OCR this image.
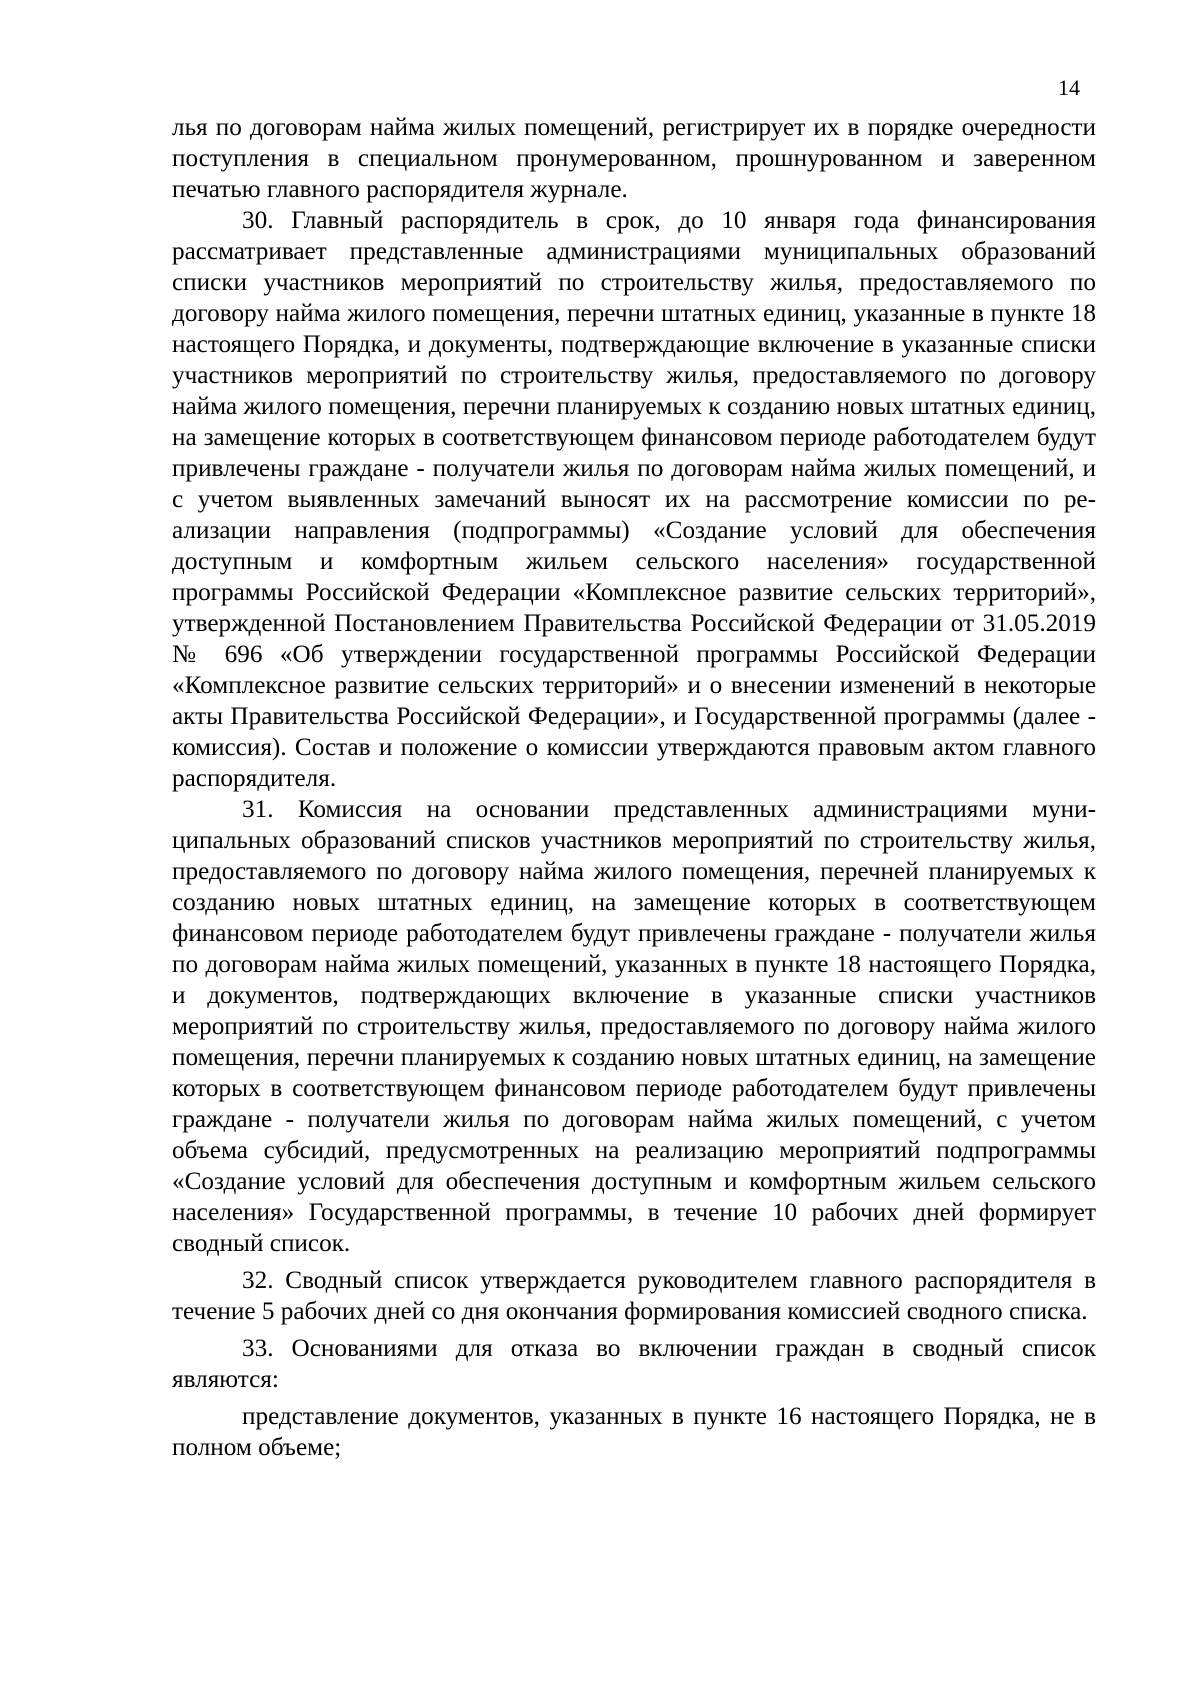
14

лья по договорам найма жилых помещений, регистрирует их в порядке очередности поступления в специальном пронумерованном, прошнурованном и заверенном печатью главного распорядителя журнале.

30. Главный распорядитель в срок, до 10 января года финансирования рассматривает представленные администрациями муниципальных образований списки участников мероприятий по строительству жилья, предоставляемого по договору найма жилого помещения, перечни штатных единиц, указанные в пункте 18 настоящего Порядка, и документы, подтверждающие включение в указанные списки участников мероприятий по строительству жилья, предоставляемого по договору найма жилого помещения, перечни планируемых к созданию новых штатных единиц, на замещение которых в соответствующем финансовом периоде работодателем будут привлечены граждане - получатели жилья по договорам найма жилых помещений, и с учетом выявленных замечаний выносят их на рассмотрение комиссии по реализации направления (подпрограммы) «Создание условий для обеспечения доступным и комфортным жильем сельского населения» государственной программы Российской Федерации «Комплексное развитие сельских территорий», утвержденной Постановлением Правительства Российской Федерации от 31.05.2019 № 696 «Об утверждении государственной программы Российской Федерации «Комплексное развитие сельских территорий» и о внесении изменений в некоторые акты Правительства Российской Федерации», и Государственной программы (далее - комиссия). Состав и положение о комиссии утверждаются правовым актом главного распорядителя.

31. Комиссия на основании представленных администрациями муниципальных образований списков участников мероприятий по строительству жилья, предоставляемого по договору найма жилого помещения, перечней планируемых к созданию новых штатных единиц, на замещение которых в соответствующем финансовом периоде работодателем будут привлечены граждане - получатели жилья по договорам найма жилых помещений, указанных в пункте 18 настоящего Порядка, и документов, подтверждающих включение в указанные списки участников мероприятий по строительству жилья, предоставляемого по договору найма жилого помещения, перечни планируемых к созданию новых штатных единиц, на замещение которых в соответствующем финансовом периоде работодателем будут привлечены граждане - получатели жилья по договорам найма жилых помещений, с учетом объема субсидий, предусмотренных на реализацию мероприятий подпрограммы «Создание условий для обеспечения доступным и комфортным жильем сельского населения» Государственной программы, в течение 10 рабочих дней формирует сводный список.

32. Сводный список утверждается руководителем главного распорядителя в течение 5 рабочих дней со дня окончания формирования комиссией сводного списка.

33. Основаниями для отказа во включении граждан в сводный список являются:

представление документов, указанных в пункте 16 настоящего Порядка, не в полном объеме;
